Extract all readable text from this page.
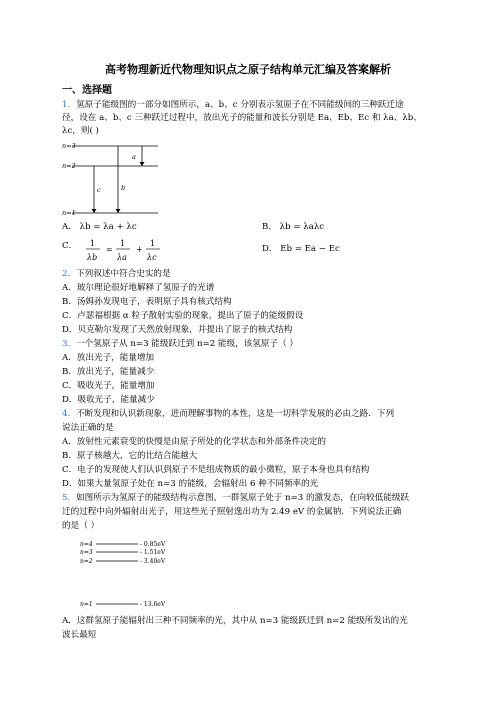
高考物理新近代物理知识点之原子结构单元汇编及答案解析
一、选择题
1．氢原子能级图的一部分如图所示，a、b、c 分别表示氢原子在不同能级间的三种跃迁途
径，设在 a、b、c 三种跃迁过程中，放出光子的能量和波长分别是 Ea、Eb、Ec 和 λa、λb、
λc，则( )
n=3
n=2
n=1
a
b
c
A． λb = λa + λc	B． λb = λaλc
C． 1
λb
=
1
λa
+
1
λc
D． Eb = Ea − Ec
2．下列叙述中符合史实的是
A．玻尔理论很好地解释了氢原子的光谱
B．汤姆孙发现电子，表明原子具有核式结构
C．卢瑟福根据 α 粒子散射实验的现象，提出了原子的能级假设
D．贝克勒尔发现了天然放射现象，并提出了原子的核式结构
3．一个氢原子从 n=3 能级跃迁到 n=2 能级，该氢原子（ ）
A．放出光子，能量增加
B．放出光子，能量减少
C．吸收光子，能量增加
D．吸收光子，能量减少
4．不断发现和认识新现象，进而理解事物的本性，这是一切科学发展的必由之路．下列
说法正确的是
A．放射性元素衰变的快慢是由原子所处的化学状态和外部条件决定的
B．原子核越大，它的比结合能越大
C．电子的发现使人们认识到原子不是组成物质的最小微粒，原子本身也具有结构
D．如果大量氢原子处在 n=3 的能级，会辐射出 6 种不同频率的光
5．如图所示为氢原子的能级结构示意图，一群氢原子处于 n=3 的激发态，在向较低能级跃
迁的过程中向外辐射出光子，用这些光子照射逸出功为 2.49 eV 的金属钠．下列说法正确
的是（ ）
n=4	- 0.85eV
n=3	- 1.51eV
n=2	- 3.40eV
n=1	- 13.6eV
A．这群氢原子能辐射出三种不同频率的光，其中从 n=3 能级跃迁到 n=2 能级所发出的光
波长最短
